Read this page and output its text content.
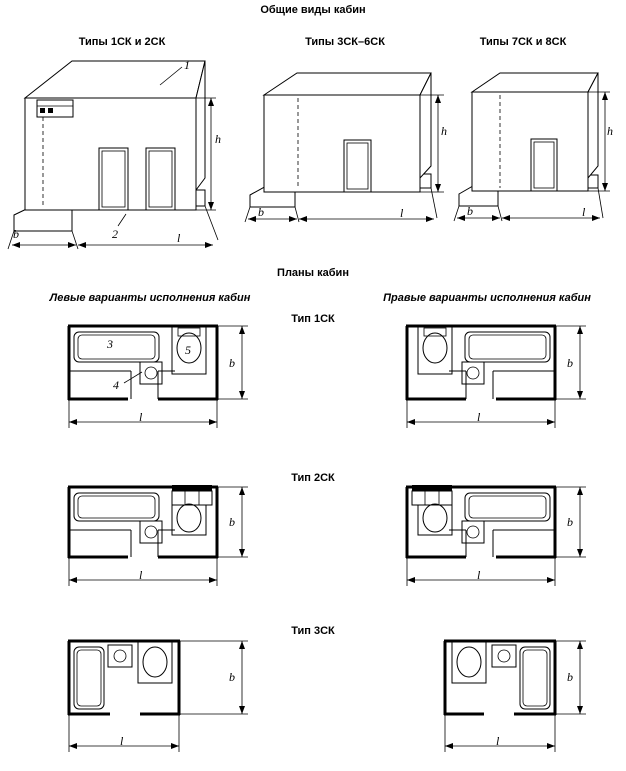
Общие виды кабин
Типы 1СК и 2СК	Типы 3СК–6СК	Типы 7СК и 8СК
1
2
h
b	l
h
b	l
h
b	l
Планы кабин
Левые варианты исполнения кабин	Правые варианты исполнения кабин
Тип 1СК
Тип 2СК
Тип 3СК
3
4
5
b
l
b
l
b
l
b
l
b
l
b
l
